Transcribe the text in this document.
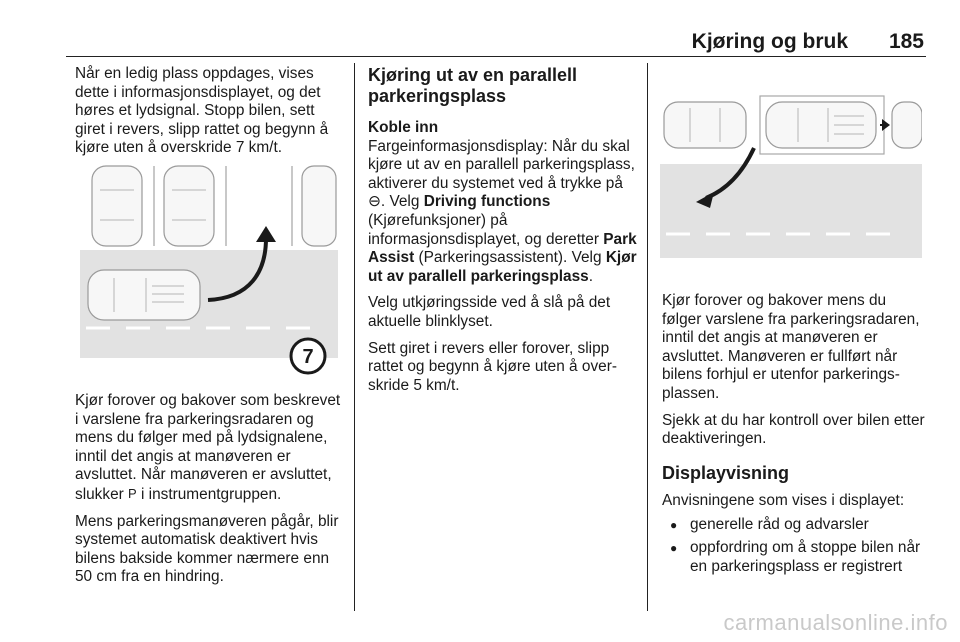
Kjøring og bruk 185

Når en ledig plass oppdages, vises dette i informasjonsdisplayet, og det høres et lydsignal. Stopp bilen, sett giret i revers, slipp rattet og begynn å kjøre uten å overskride 7 km/t.

7

Kjør forover og bakover som beskrevet i varslene fra parkeringsradaren og mens du følger med på lydsignalene, inntil det angis at manøveren er avsluttet. Når manøveren er avsluttet, slukker P i instrumentgruppen.

Mens parkeringsmanøveren pågår, blir systemet automatisk deaktivert hvis bilens bakside kommer nærmere enn 50 cm fra en hindring.

Kjøring ut av en parallell parkeringsplass
Koble inn

Fargeinformasjonsdisplay: Når du skal kjøre ut av en parallell parkeringsplass, aktiverer du systemet ved å trykke på ⊖. Velg Driving functions (Kjørefunksjoner) på informasjonsdisplayet, og deretter Park Assist (Parkeringsassistent). Velg Kjør ut av parallell parkeringsplass.

Velg utkjøringsside ved å slå på det aktuelle blinklyset.

Sett giret i revers eller forover, slipp rattet og begynn å kjøre uten å overskride 5 km/t.

Kjør forover og bakover mens du følger varslene fra parkeringsradaren, inntil det angis at manøveren er avsluttet. Manøveren er fullført når bilens forhjul er utenfor parkeringsplassen.

Sjekk at du har kontroll over bilen etter deaktiveringen.

Displayvisning

Anvisningene som vises i displayet:

● generelle råd og advarsler
● oppfordring om å stoppe bilen når en parkeringsplass er registrert
carmanualsonline.info
